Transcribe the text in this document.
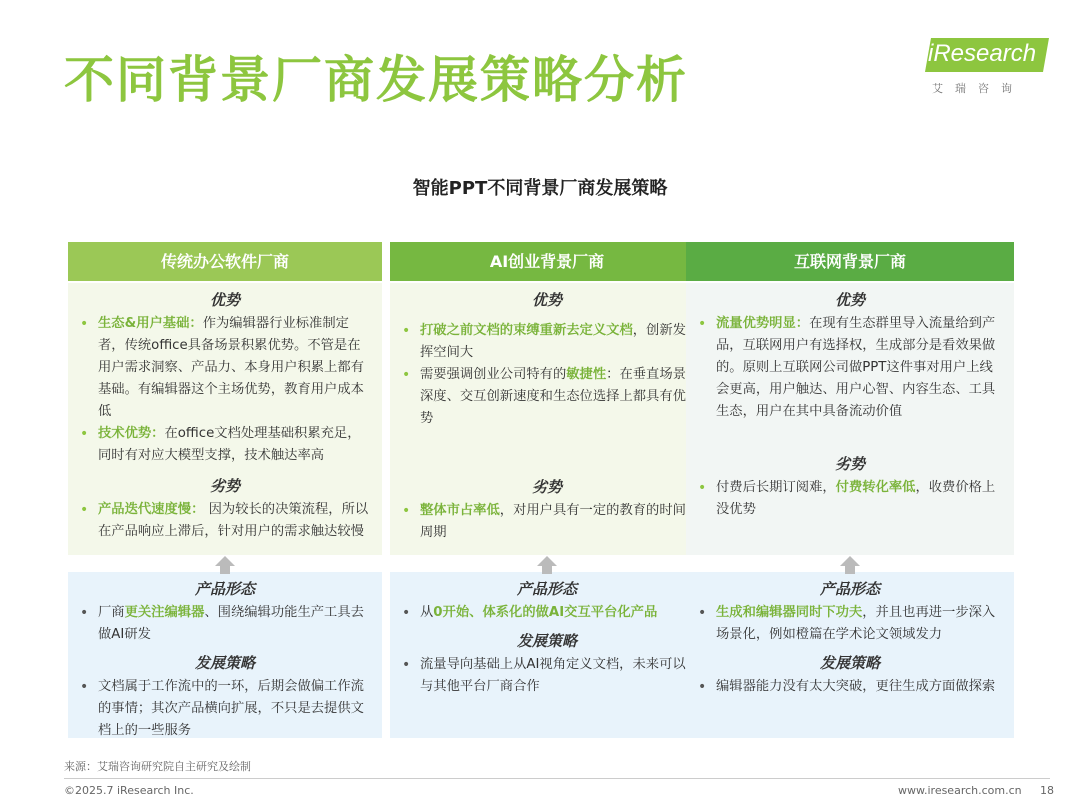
不同背景厂商发展策略分析	iResearch
艾瑞咨询
智能PPT不同背景厂商发展策略
传统办公软件厂商
优势
• 生态&用户基础：作为编辑器行业标准制定者，传统office具备场景积累优势。不管是在用户需求洞察、产品力、本身用户积累上都有基础。有编辑器这个主场优势，教育用户成本低
• 技术优势：在office文档处理基础积累充足，同时有对应大模型支撑，技术触达率高
劣势
• 产品迭代速度慢： 因为较长的决策流程，所以在产品响应上滞后，针对用户的需求触达较慢
产品形态
• 厂商更关注编辑器、围绕编辑功能生产工具去做AI研发
发展策略
• 文档属于工作流中的一环，后期会做偏工作流的事情；其次产品横向扩展，不只是去提供文档上的一些服务
AI创业背景厂商
优势
• 打破之前文档的束缚重新去定义文档，创新发挥空间大
• 需要强调创业公司特有的敏捷性：在垂直场景深度、交互创新速度和生态位选择上都具有优势
劣势
• 整体市占率低，对用户具有一定的教育的时间周期
产品形态
• 从0开始、体系化的做AI交互平台化产品
发展策略
• 流量导向基础上从AI视角定义文档，未来可以与其他平台厂商合作
互联网背景厂商
优势
• 流量优势明显：在现有生态群里导入流量给到产品，互联网用户有选择权，生成部分是看效果做的。原则上互联网公司做PPT这件事对用户上线会更高，用户触达、用户心智、内容生态、工具生态，用户在其中具备流动价值
劣势
• 付费后长期订阅难，付费转化率低，收费价格上没优势
产品形态
• 生成和编辑器同时下功夫，并且也再进一步深入场景化，例如橙篇在学术论文领域发力
发展策略
• 编辑器能力没有太大突破，更往生成方面做探索
来源：艾瑞咨询研究院自主研究及绘制
©2025.7 iResearch Inc.	www.iresearch.com.cn 18
